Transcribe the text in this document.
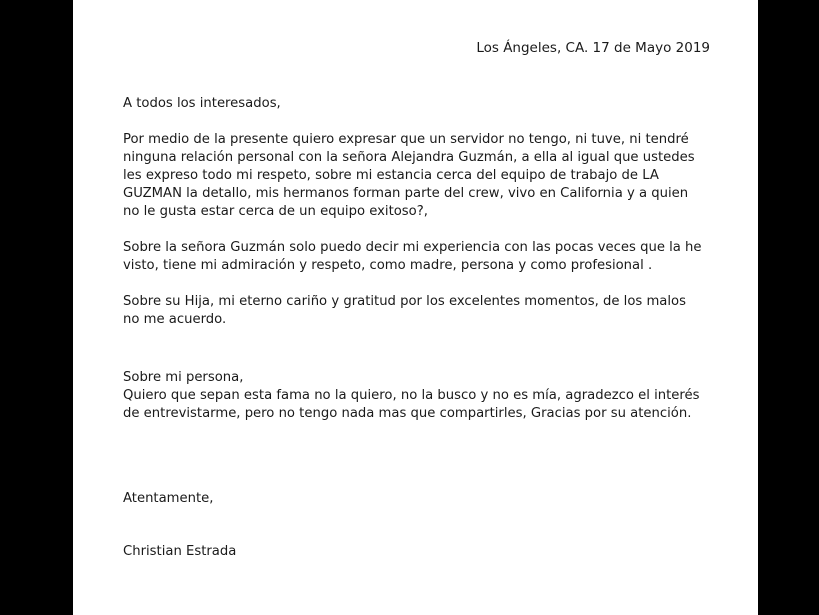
Los Ángeles, CA. 17 de Mayo 2019

A todos los interesados,

Por medio de la presente quiero expresar que un servidor no tengo, ni tuve, ni tendré
ninguna relación personal con la señora Alejandra Guzmán, a ella al igual que ustedes
les expreso todo mi respeto, sobre mi estancia cerca del equipo de trabajo de LA
GUZMAN la detallo, mis hermanos forman parte del crew, vivo en California y a quien
no le gusta estar cerca de un equipo exitoso?,

Sobre la señora Guzmán solo puedo decir mi experiencia con las pocas veces que la he
visto, tiene mi admiración y respeto, como madre, persona y como profesional .

Sobre su Hija, mi eterno cariño y gratitud por los excelentes momentos, de los malos
no me acuerdo.

Sobre mi persona,
Quiero que sepan esta fama no la quiero, no la busco y no es mía, agradezco el interés
de entrevistarme, pero no tengo nada mas que compartirles, Gracias por su atención.

Atentamente,
Christian Estrada
